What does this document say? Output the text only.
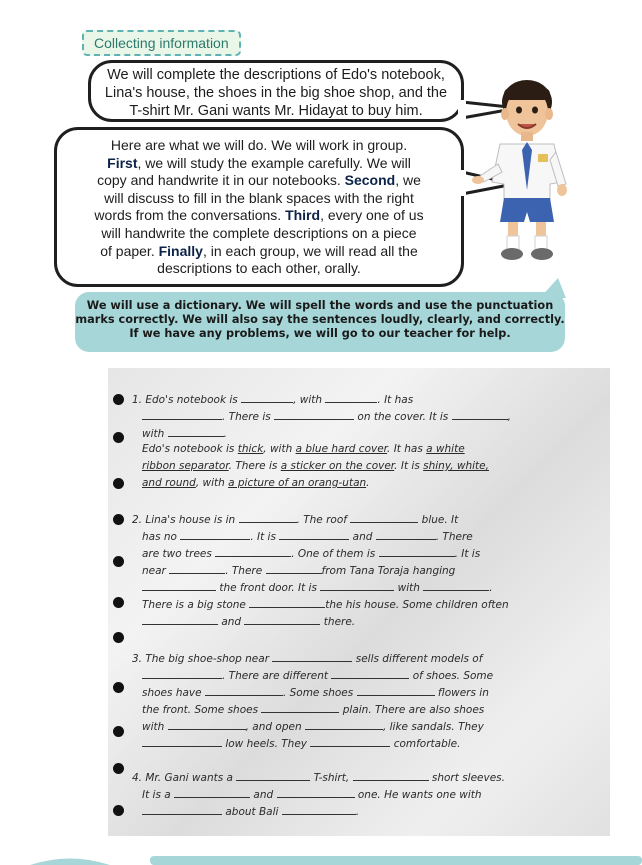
Collecting information
We will complete the descriptions of Edo's notebook,
Lina's house, the shoes in the big shoe shop, and the
T-shirt Mr. Gani wants Mr. Hidayat to buy him.
Here are what we will do. We will work in group.
First, we will study the example carefully. We will
copy and handwrite it in our notebooks. Second, we
will discuss to fill in the blank spaces with the right
words from the conversations. Third, every one of us
will handwrite the complete descriptions on a piece
of paper. Finally, in each group, we will read all the
descriptions to each other, orally.
We will use a dictionary. We will spell the words and use the punctuation
marks correctly. We will also say the sentences loudly, clearly, and correctly.
If we have any problems, we will go to our teacher for help.
1. Edo's notebook is	, with	. It has
. There is	on the cover. It is	,
with	.
Edo's notebook is thick, with a blue hard cover. It has a white
ribbon separator. There is a sticker on the cover. It is shiny, white,
and round, with a picture of an orang-utan.
2. Lina's house is in	. The roof	blue. It
has no	. It is	and	. There
are two trees	. One of them is	. It is
near	. There	from Tana Toraja hanging
the front door. It is	with	.
There is a big stone	the his house. Some children often
and	there.
3. The big shoe-shop near	sells different models of
. There are different	of shoes. Some
shoes have	. Some shoes	flowers in
the front. Some shoes	plain. There are also shoes
with	, and open	, like sandals. They
low heels. They	comfortable.
4. Mr. Gani wants a	T-shirt,	short sleeves.
It is a	and	one. He wants one with
about Bali	.
